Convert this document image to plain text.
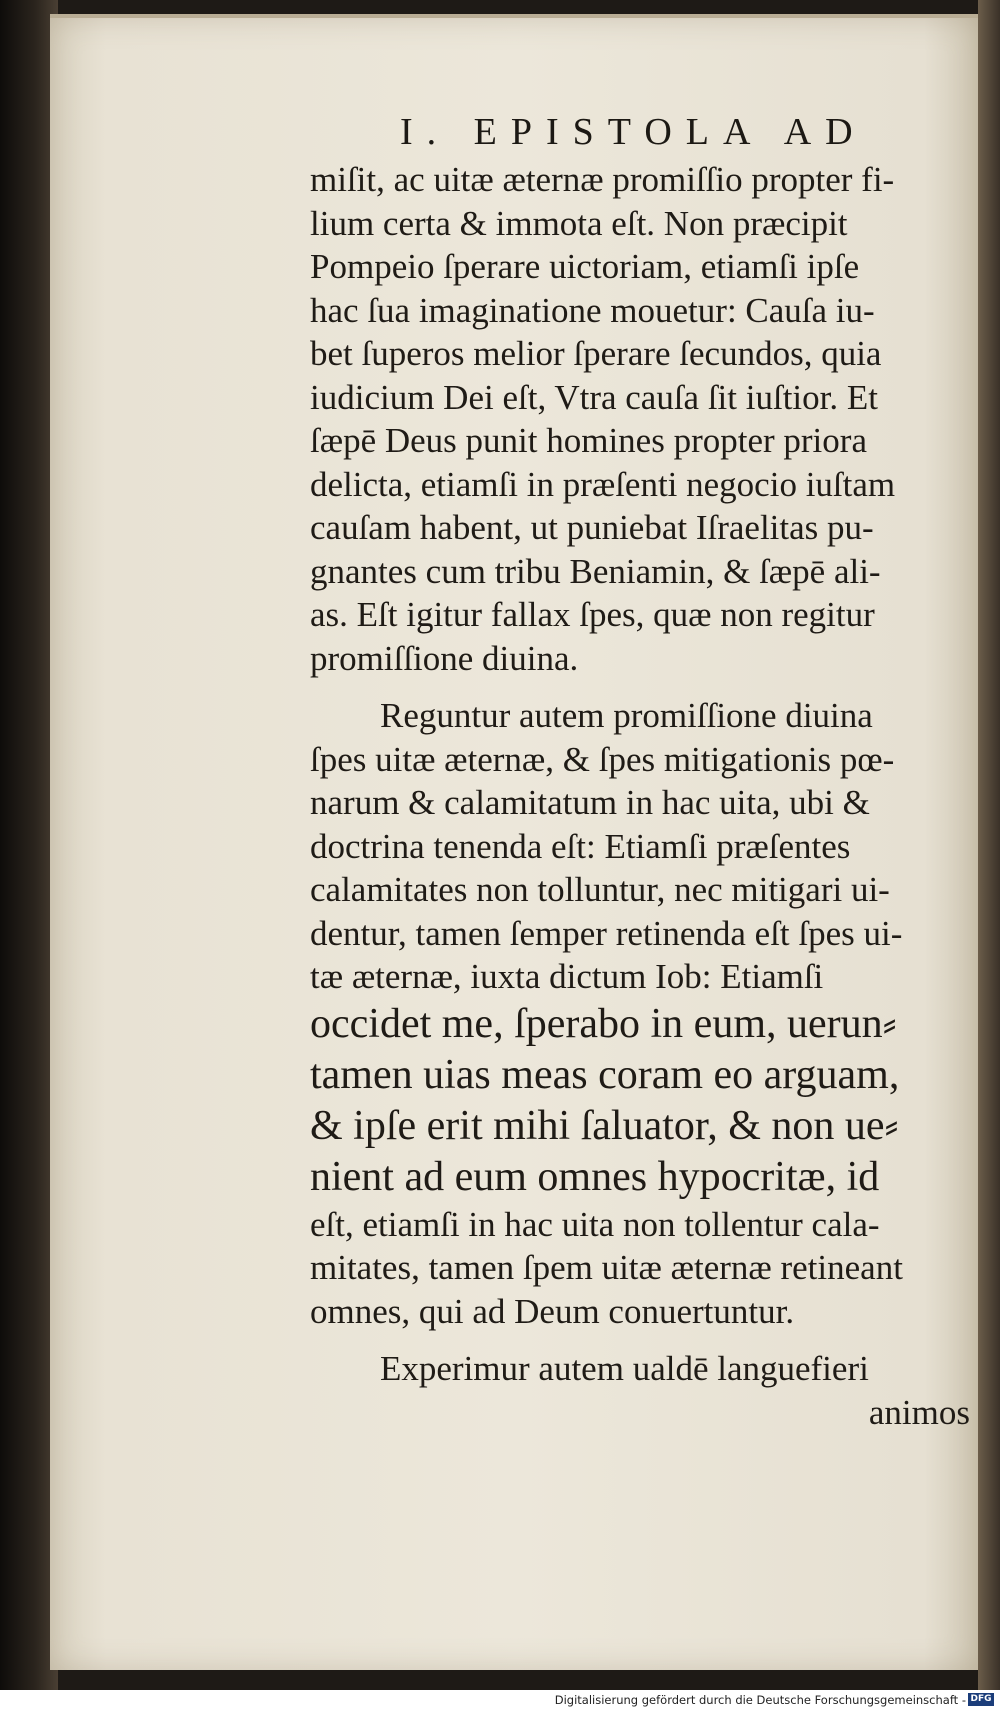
I. EPISTOLA AD
miſit, ac uitæ æternæ promiſſio propter fi-
lium certa & immota eſt. Non præcipit
Pompeio ſperare uictoriam, etiamſi ipſe
hac ſua imaginatione mouetur: Cauſa iu-
bet ſuperos melior ſperare ſecundos, quia
iudicium Dei eſt, Vtra cauſa ſit iuſtior. Et
ſæpē Deus punit homines propter priora
delicta, etiamſi in præſenti negocio iuſtam
cauſam habent, ut puniebat Iſraelitas pu-
gnantes cum tribu Beniamin, & ſæpē ali-
as. Eſt igitur fallax ſpes, quæ non regitur
promiſſione diuina.
Reguntur autem promiſſione diuina
ſpes uitæ æternæ, & ſpes mitigationis pœ-
narum & calamitatum in hac uita, ubi &
doctrina tenenda eſt: Etiamſi præſentes
calamitates non tolluntur, nec mitigari ui-
dentur, tamen ſemper retinenda eſt ſpes ui-
tæ æternæ, iuxta dictum Iob: Etiamſi
occidet me, ſperabo in eum, uerun⸗
tamen uias meas coram eo arguam,
& ipſe erit mihi ſaluator, & non ue⸗
nient ad eum omnes hypocritæ, id
eſt, etiamſi in hac uita non tollentur cala-
mitates, tamen ſpem uitæ æternæ retineant
omnes, qui ad Deum conuertuntur.
Experimur autem ualdē languefieri
animos
Digitalisierung gefördert durch die Deutsche Forschungsgemeinschaft - DFG
